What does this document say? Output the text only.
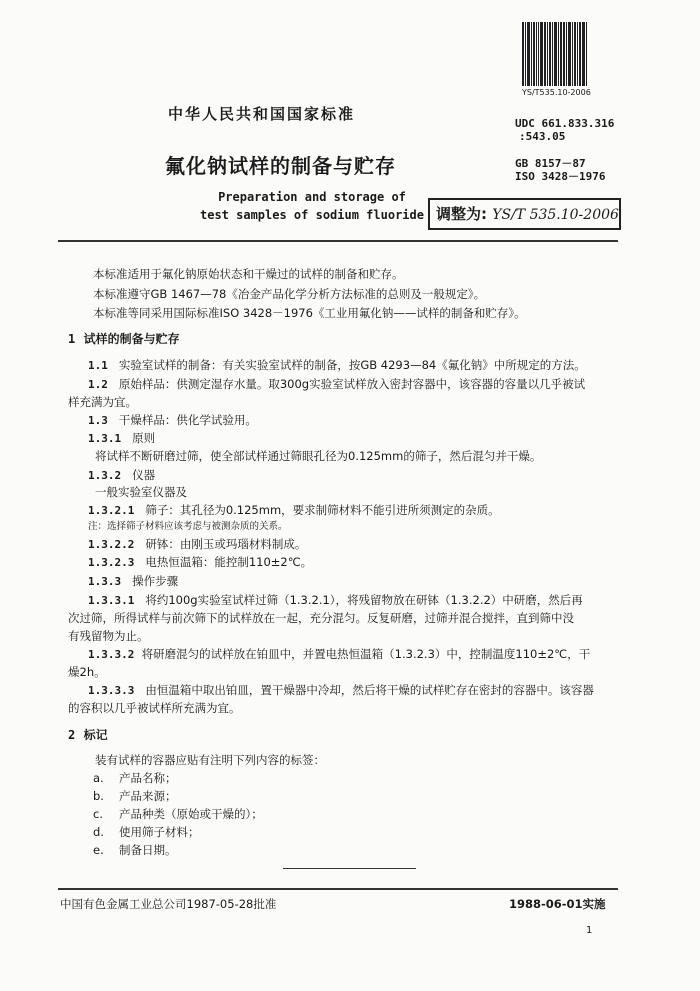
YS/T535.10-2006
中华人民共和国国家标准
UDC 661.833.316
:543.05
氟化钠试样的制备与贮存	GB 8157－87
ISO 3428－1976
Preparation and storage of
test samples of sodium fluoride 调整为: YS/T 535.10-2006
本标准适用于氟化钠原始状态和干燥过的试样的制备和贮存。
本标准遵守GB 1467—78《冶金产品化学分析方法标准的总则及一般规定》。
本标准等同采用国际标准ISO 3428－1976《工业用氟化钠——试样的制备和贮存》。
1 试样的制备与贮存
1.1 实验室试样的制备：有关实验室试样的制备，按GB 4293—84《氟化钠》中所规定的方法。
1.2 原始样品：供测定湿存水量。取300g实验室试样放入密封容器中，该容器的容量以几乎被试
样充满为宜。
1.3 干燥样品：供化学试验用。
1.3.1 原则
将试样不断研磨过筛，使全部试样通过筛眼孔径为0.125mm的筛子，然后混匀并干燥。
1.3.2 仪器
一般实验室仪器及
1.3.2.1 筛子：其孔径为0.125mm，要求制筛材料不能引进所须测定的杂质。
注：选择筛子材料应该考虑与被测杂质的关系。
1.3.2.2 研钵：由刚玉或玛瑙材料制成。
1.3.2.3 电热恒温箱：能控制110±2℃。
1.3.3 操作步骤
1.3.3.1 将约100g实验室试样过筛（1.3.2.1），将残留物放在研钵（1.3.2.2）中研磨，然后再
次过筛，所得试样与前次筛下的试样放在一起，充分混匀。反复研磨，过筛并混合搅拌，直到筛中没
有残留物为止。
1.3.3.2 将研磨混匀的试样放在铂皿中，并置电热恒温箱（1.3.2.3）中，控制温度110±2℃，干
燥2h。
1.3.3.3 由恒温箱中取出铂皿，置干燥器中冷却，然后将干燥的试样贮存在密封的容器中。该容器
的容积以几乎被试样所充满为宜。
2 标记
装有试样的容器应贴有注明下列内容的标签：
a. 产品名称；
b. 产品来源；
c. 产品种类（原始或干燥的）；
d. 使用筛子材料；
e. 制备日期。
中国有色金属工业总公司1987-05-28批准	1988-06-01实施
1
